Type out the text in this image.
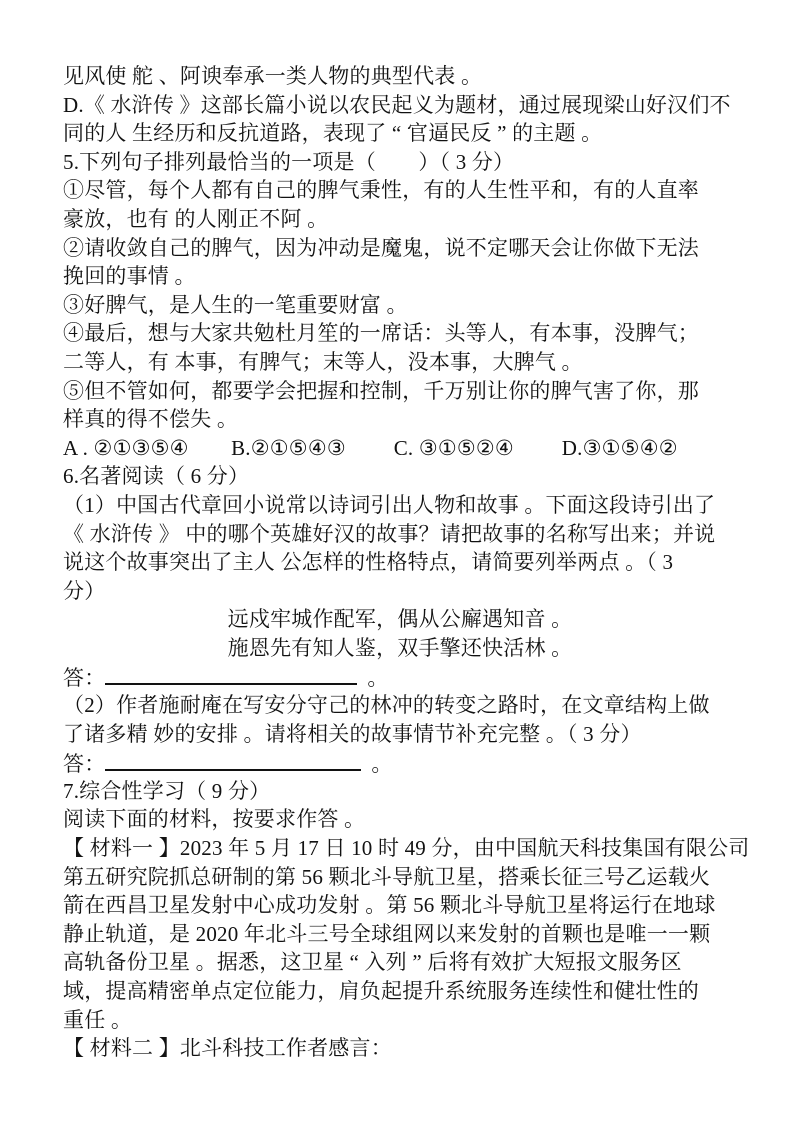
见风使 舵 、阿谀奉承一类人物的典型代表 。
D.《 水浒传 》这部长篇小说以农民起义为题材，通过展现梁山好汉们不
同的人 生经历和反抗道路，表现了 “ 官逼民反 ” 的主题 。
5.下列句子排列最恰当的一项是（　　）（ 3 分）
①尽管，每个人都有自己的脾气秉性，有的人生性平和，有的人直率
豪放，也有 的人刚正不阿 。
②请收敛自己的脾气，因为冲动是魔鬼，说不定哪天会让你做下无法
挽回的事情 。
③好脾气，是人生的一笔重要财富 。
④最后，想与大家共勉杜月笙的一席话：头等人，有本事，没脾气；
二等人，有 本事，有脾气；末等人，没本事，大脾气 。
⑤但不管如何，都要学会把握和控制，千万别让你的脾气害了你，那
样真的得不偿失 。
A . ②①③⑤④　　B.②①⑤④③　　 C. ③①⑤②④　　 D.③①⑤④②
6.名著阅读（ 6 分）
（1）中国古代章回小说常以诗词引出人物和故事 。下面这段诗引出了
《 水浒传 》 中的哪个英雄好汉的故事？请把故事的名称写出来；并说
说这个故事突出了主人 公怎样的性格特点，请简要列举两点 。（ 3
分）
远戍牢城作配军，偶从公廨遇知音 。
施恩先有知人鉴，双手擎还快活林 。
答：	。
（2）作者施耐庵在写安分守己的林冲的转变之路时，在文章结构上做
了诸多精 妙的安排 。请将相关的故事情节补充完整 。（ 3 分）
答：	。
7.综合性学习（ 9 分）
阅读下面的材料，按要求作答 。
【 材料一 】2023 年 5 月 17 日 10 时 49 分，由中国航天科技集国有限公司
第五研究院抓总研制的第 56 颗北斗导航卫星，搭乘长征三号乙运载火
箭在西昌卫星发射中心成功发射 。第 56 颗北斗导航卫星将运行在地球
静止轨道，是 2020 年北斗三号全球组网以来发射的首颗也是唯一一颗
高轨备份卫星 。据悉，这卫星 “ 入列 ” 后将有效扩大短报文服务区
域，提高精密单点定位能力，肩负起提升系统服务连续性和健壮性的
重任 。
【 材料二 】北斗科技工作者感言：
